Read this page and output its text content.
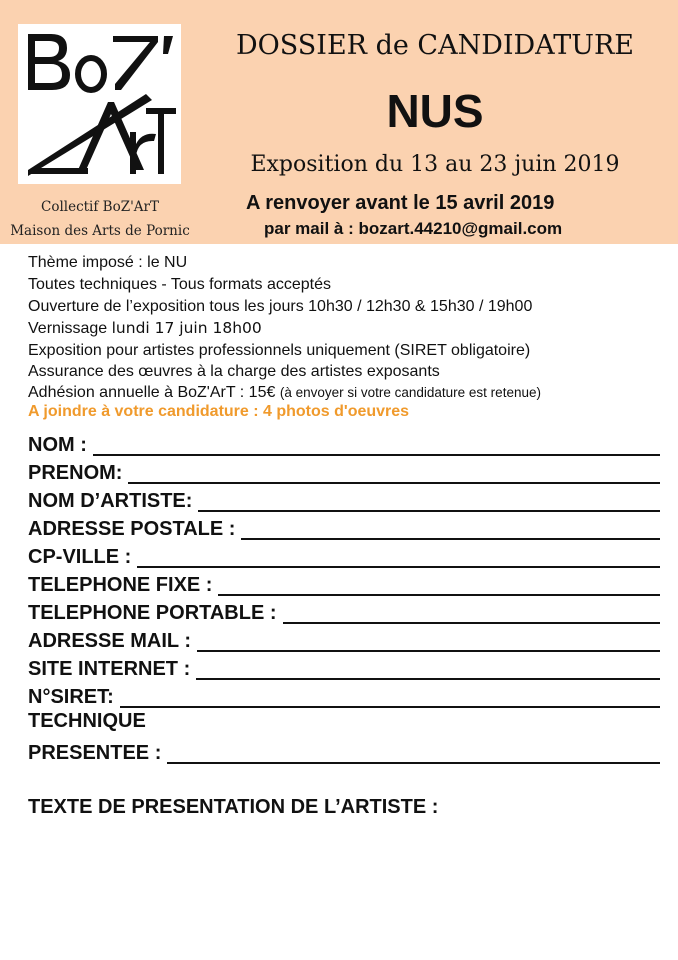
Collectif BoZ'ArT
Maison des Arts de Pornic
DOSSIER de CANDIDATURE
NUS
Exposition du 13 au 23 juin 2019
A renvoyer avant le 15 avril 2019
par mail à : bozart.44210@gmail.com
Thème imposé : le NU
Toutes techniques - Tous formats acceptés
Ouverture de l’exposition tous les jours 10h30 / 12h30 & 15h30 / 19h00
Vernissage lundi 17 juin 18h00
Exposition pour artistes professionnels uniquement (SIRET obligatoire)
Assurance des œuvres à la charge des artistes exposants
Adhésion annuelle à BoZ'ArT : 15€ (à envoyer si votre candidature est retenue)
A joindre à votre candidature : 4 photos d'oeuvres
NOM :
PRENOM:
NOM D’ARTISTE:
ADRESSE POSTALE :
CP-VILLE :
TELEPHONE FIXE :
TELEPHONE PORTABLE :
ADRESSE MAIL :
SITE INTERNET :
N°SIRET:
TECHNIQUE
PRESENTEE :
TEXTE DE PRESENTATION DE L’ARTISTE :
